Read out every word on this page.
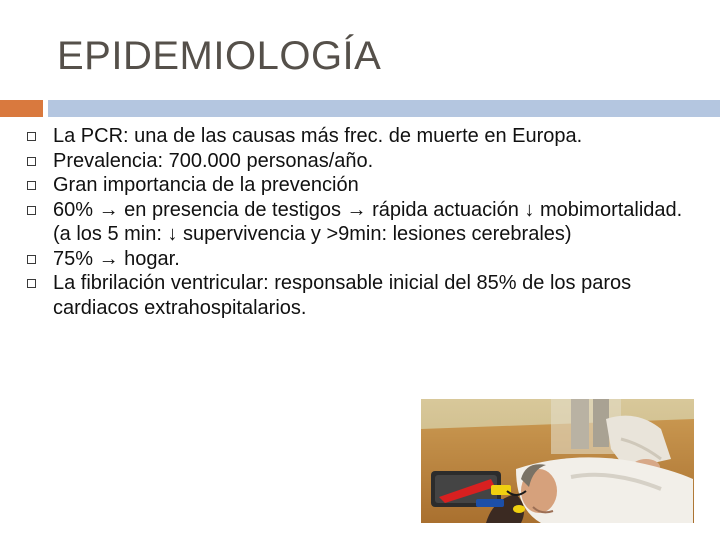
EPIDEMIOLOGÍA
La PCR: una de las causas más frec. de muerte en Europa.
Prevalencia: 700.000 personas/año.
Gran importancia de la prevención
60% → en presencia de testigos → rápida actuación ↓ mobimortalidad. (a los 5 min: ↓ supervivencia y >9min: lesiones cerebrales)
75% → hogar.
La fibrilación ventricular: responsable inicial del 85% de los paros cardiacos extrahospitalarios.
